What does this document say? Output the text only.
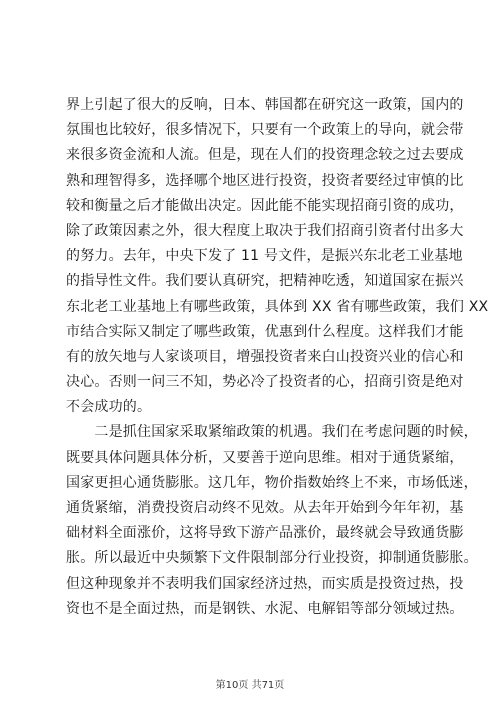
界上引起了很大的反响，日本、韩国都在研究这一政策，国内的
氛围也比较好，很多情况下，只要有一个政策上的导向，就会带
来很多资金流和人流。但是，现在人们的投资理念较之过去要成
熟和理智得多，选择哪个地区进行投资，投资者要经过审慎的比
较和衡量之后才能做出决定。因此能不能实现招商引资的成功，
除了政策因素之外，很大程度上取决于我们招商引资者付出多大
的努力。去年，中央下发了 11 号文件，是振兴东北老工业基地
的指导性文件。我们要认真研究，把精神吃透，知道国家在振兴
东北老工业基地上有哪些政策，具体到 XX 省有哪些政策，我们 XX
市结合实际又制定了哪些政策，优惠到什么程度。这样我们才能
有的放矢地与人家谈项目，增强投资者来白山投资兴业的信心和
决心。否则一问三不知，势必冷了投资者的心，招商引资是绝对
不会成功的。
　　二是抓住国家采取紧缩政策的机遇。我们在考虑问题的时候，
既要具体问题具体分析，又要善于逆向思维。相对于通货紧缩，
国家更担心通货膨胀。这几年，物价指数始终上不来，市场低迷，
通货紧缩，消费投资启动终不见效。从去年开始到今年年初，基
础材料全面涨价，这将导致下游产品涨价，最终就会导致通货膨
胀。所以最近中央频繁下文件限制部分行业投资，抑制通货膨胀。
但这种现象并不表明我们国家经济过热，而实质是投资过热，投
资也不是全面过热，而是钢铁、水泥、电解铝等部分领域过热。
第10页 共71页
